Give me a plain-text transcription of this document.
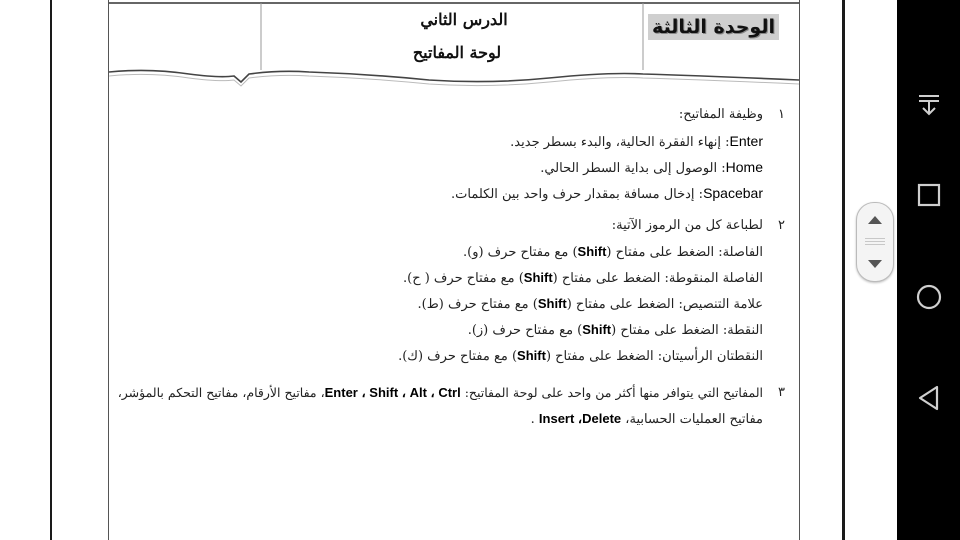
الوحدة الثالثة
الدرس الثاني
لوحة المفاتيح
١
وظيفة المفاتيح:
Enter: إنهاء الفقرة الحالية، والبدء بسطر جديد.
Home: الوصول إلى بداية السطر الحالي.
Spacebar: إدخال مسافة بمقدار حرف واحد بين الكلمات.
٢
لطباعة كل من الرموز الآتية:
الفاصلة: الضغط على مفتاح (Shift) مع مفتاح حرف (و).
الفاصلة المنقوطة: الضغط على مفتاح (Shift) مع مفتاح حرف ( ح).
علامة التنصيص: الضغط على مفتاح (Shift) مع مفتاح حرف (ط).
النقطة: الضغط على مفتاح (Shift) مع مفتاح حرف (ز).
النقطتان الرأسيتان: الضغط على مفتاح (Shift) مع مفتاح حرف (ك).
٣
المفاتيح التي يتوافر منها أكثر من واحد على لوحة المفاتيح: Enter ، Shift ، Alt ، Ctrl، مفاتيح الأرقام، مفاتيح التحكم بالمؤشر،
مفاتيح العمليات الحسابية، Insert ،Delete .
